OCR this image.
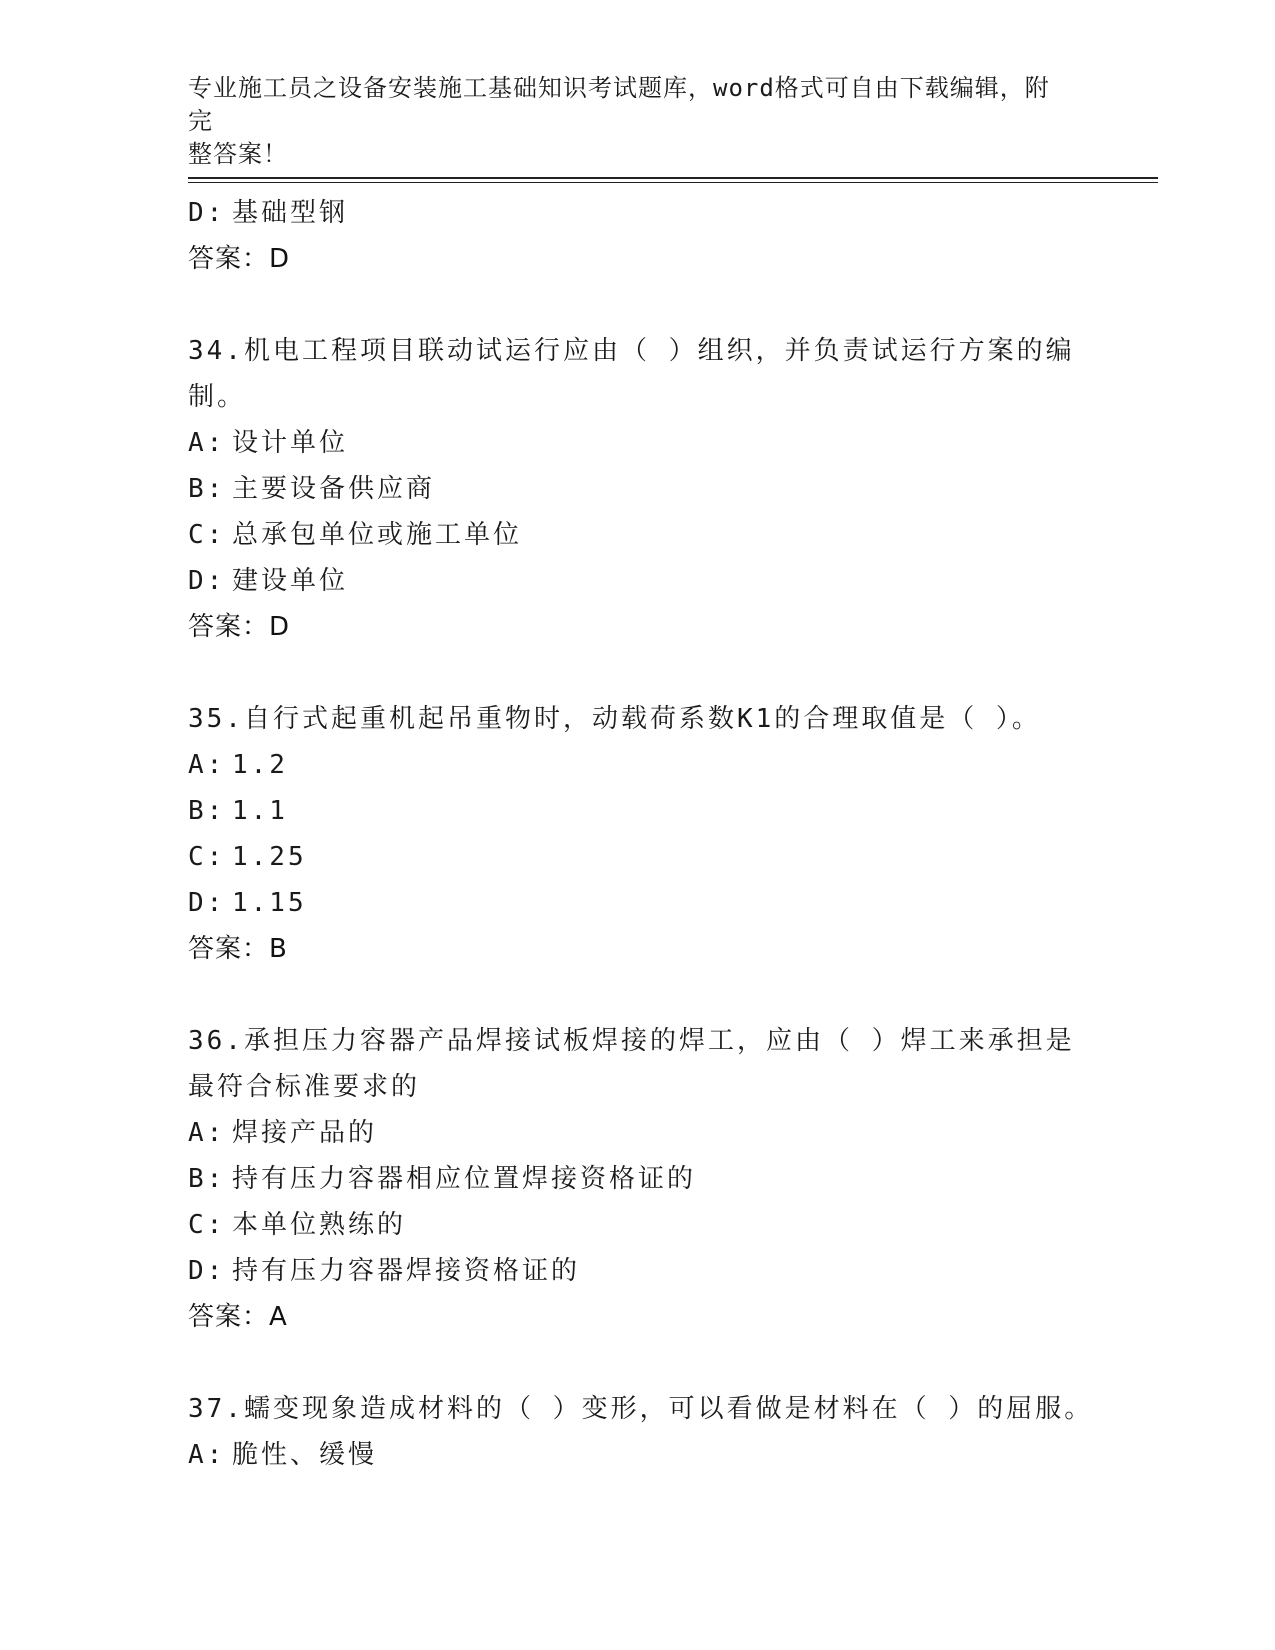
专业施工员之设备安装施工基础知识考试题库，word格式可自由下载编辑，附完
整答案！
D: 基础型钢
答案：D
34.机电工程项目联动试运行应由（ ）组织，并负责试运行方案的编
制。
A: 设计单位
B: 主要设备供应商
C: 总承包单位或施工单位
D: 建设单位
答案：D
35.自行式起重机起吊重物时，动载荷系数K1的合理取值是（ ）。
A: 1.2
B: 1.1
C: 1.25
D: 1.15
答案：B
36.承担压力容器产品焊接试板焊接的焊工，应由（ ）焊工来承担是
最符合标准要求的
A: 焊接产品的
B: 持有压力容器相应位置焊接资格证的
C: 本单位熟练的
D: 持有压力容器焊接资格证的
答案：A
37.蠕变现象造成材料的（ ）变形，可以看做是材料在（ ）的屈服。
A: 脆性、缓慢
